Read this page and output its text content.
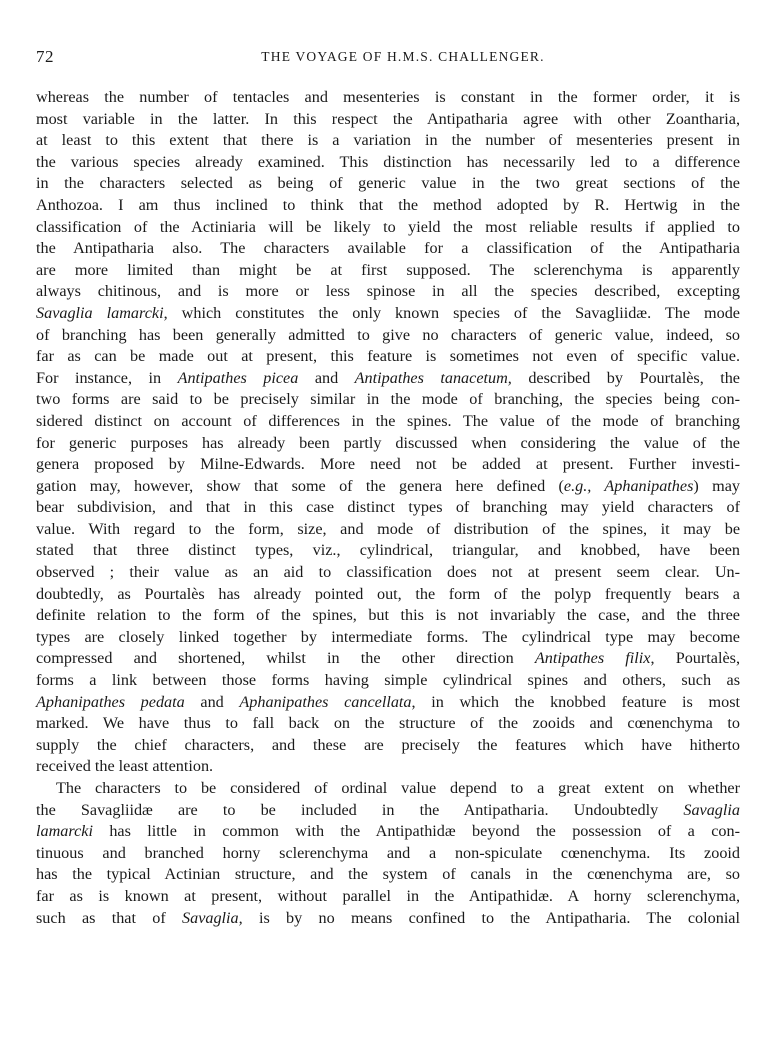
72	THE VOYAGE OF H.M.S. CHALLENGER.
whereas the number of tentacles and mesenteries is constant in the former order, it is
most variable in the latter. In this respect the Antipatharia agree with other Zoantharia,
at least to this extent that there is a variation in the number of mesenteries present in
the various species already examined. This distinction has necessarily led to a difference
in the characters selected as being of generic value in the two great sections of the
Anthozoa. I am thus inclined to think that the method adopted by R. Hertwig in the
classification of the Actiniaria will be likely to yield the most reliable results if applied to
the Antipatharia also. The characters available for a classification of the Antipatharia
are more limited than might be at first supposed. The sclerenchyma is apparently
always chitinous, and is more or less spinose in all the species described, excepting
Savaglia lamarcki, which constitutes the only known species of the Savagliidæ. The mode
of branching has been generally admitted to give no characters of generic value, indeed, so
far as can be made out at present, this feature is sometimes not even of specific value.
For instance, in Antipathes picea and Antipathes tanacetum, described by Pourtalès, the
two forms are said to be precisely similar in the mode of branching, the species being con-
sidered distinct on account of differences in the spines. The value of the mode of branching
for generic purposes has already been partly discussed when considering the value of the
genera proposed by Milne-Edwards. More need not be added at present. Further investi-
gation may, however, show that some of the genera here defined (e.g., Aphanipathes) may
bear subdivision, and that in this case distinct types of branching may yield characters of
value. With regard to the form, size, and mode of distribution of the spines, it may be
stated that three distinct types, viz., cylindrical, triangular, and knobbed, have been
observed ; their value as an aid to classification does not at present seem clear. Un-
doubtedly, as Pourtalès has already pointed out, the form of the polyp frequently bears a
definite relation to the form of the spines, but this is not invariably the case, and the three
types are closely linked together by intermediate forms. The cylindrical type may become
compressed and shortened, whilst in the other direction Antipathes filix, Pourtalès,
forms a link between those forms having simple cylindrical spines and others, such as
Aphanipathes pedata and Aphanipathes cancellata, in which the knobbed feature is most
marked. We have thus to fall back on the structure of the zooids and cœnenchyma to
supply the chief characters, and these are precisely the features which have hitherto
received the least attention.
The characters to be considered of ordinal value depend to a great extent on whether
the Savagliidæ are to be included in the Antipatharia. Undoubtedly Savaglia
lamarcki has little in common with the Antipathidæ beyond the possession of a con-
tinuous and branched horny sclerenchyma and a non-spiculate cœnenchyma. Its zooid
has the typical Actinian structure, and the system of canals in the cœnenchyma are, so
far as is known at present, without parallel in the Antipathidæ. A horny sclerenchyma,
such as that of Savaglia, is by no means confined to the Antipatharia. The colonial
